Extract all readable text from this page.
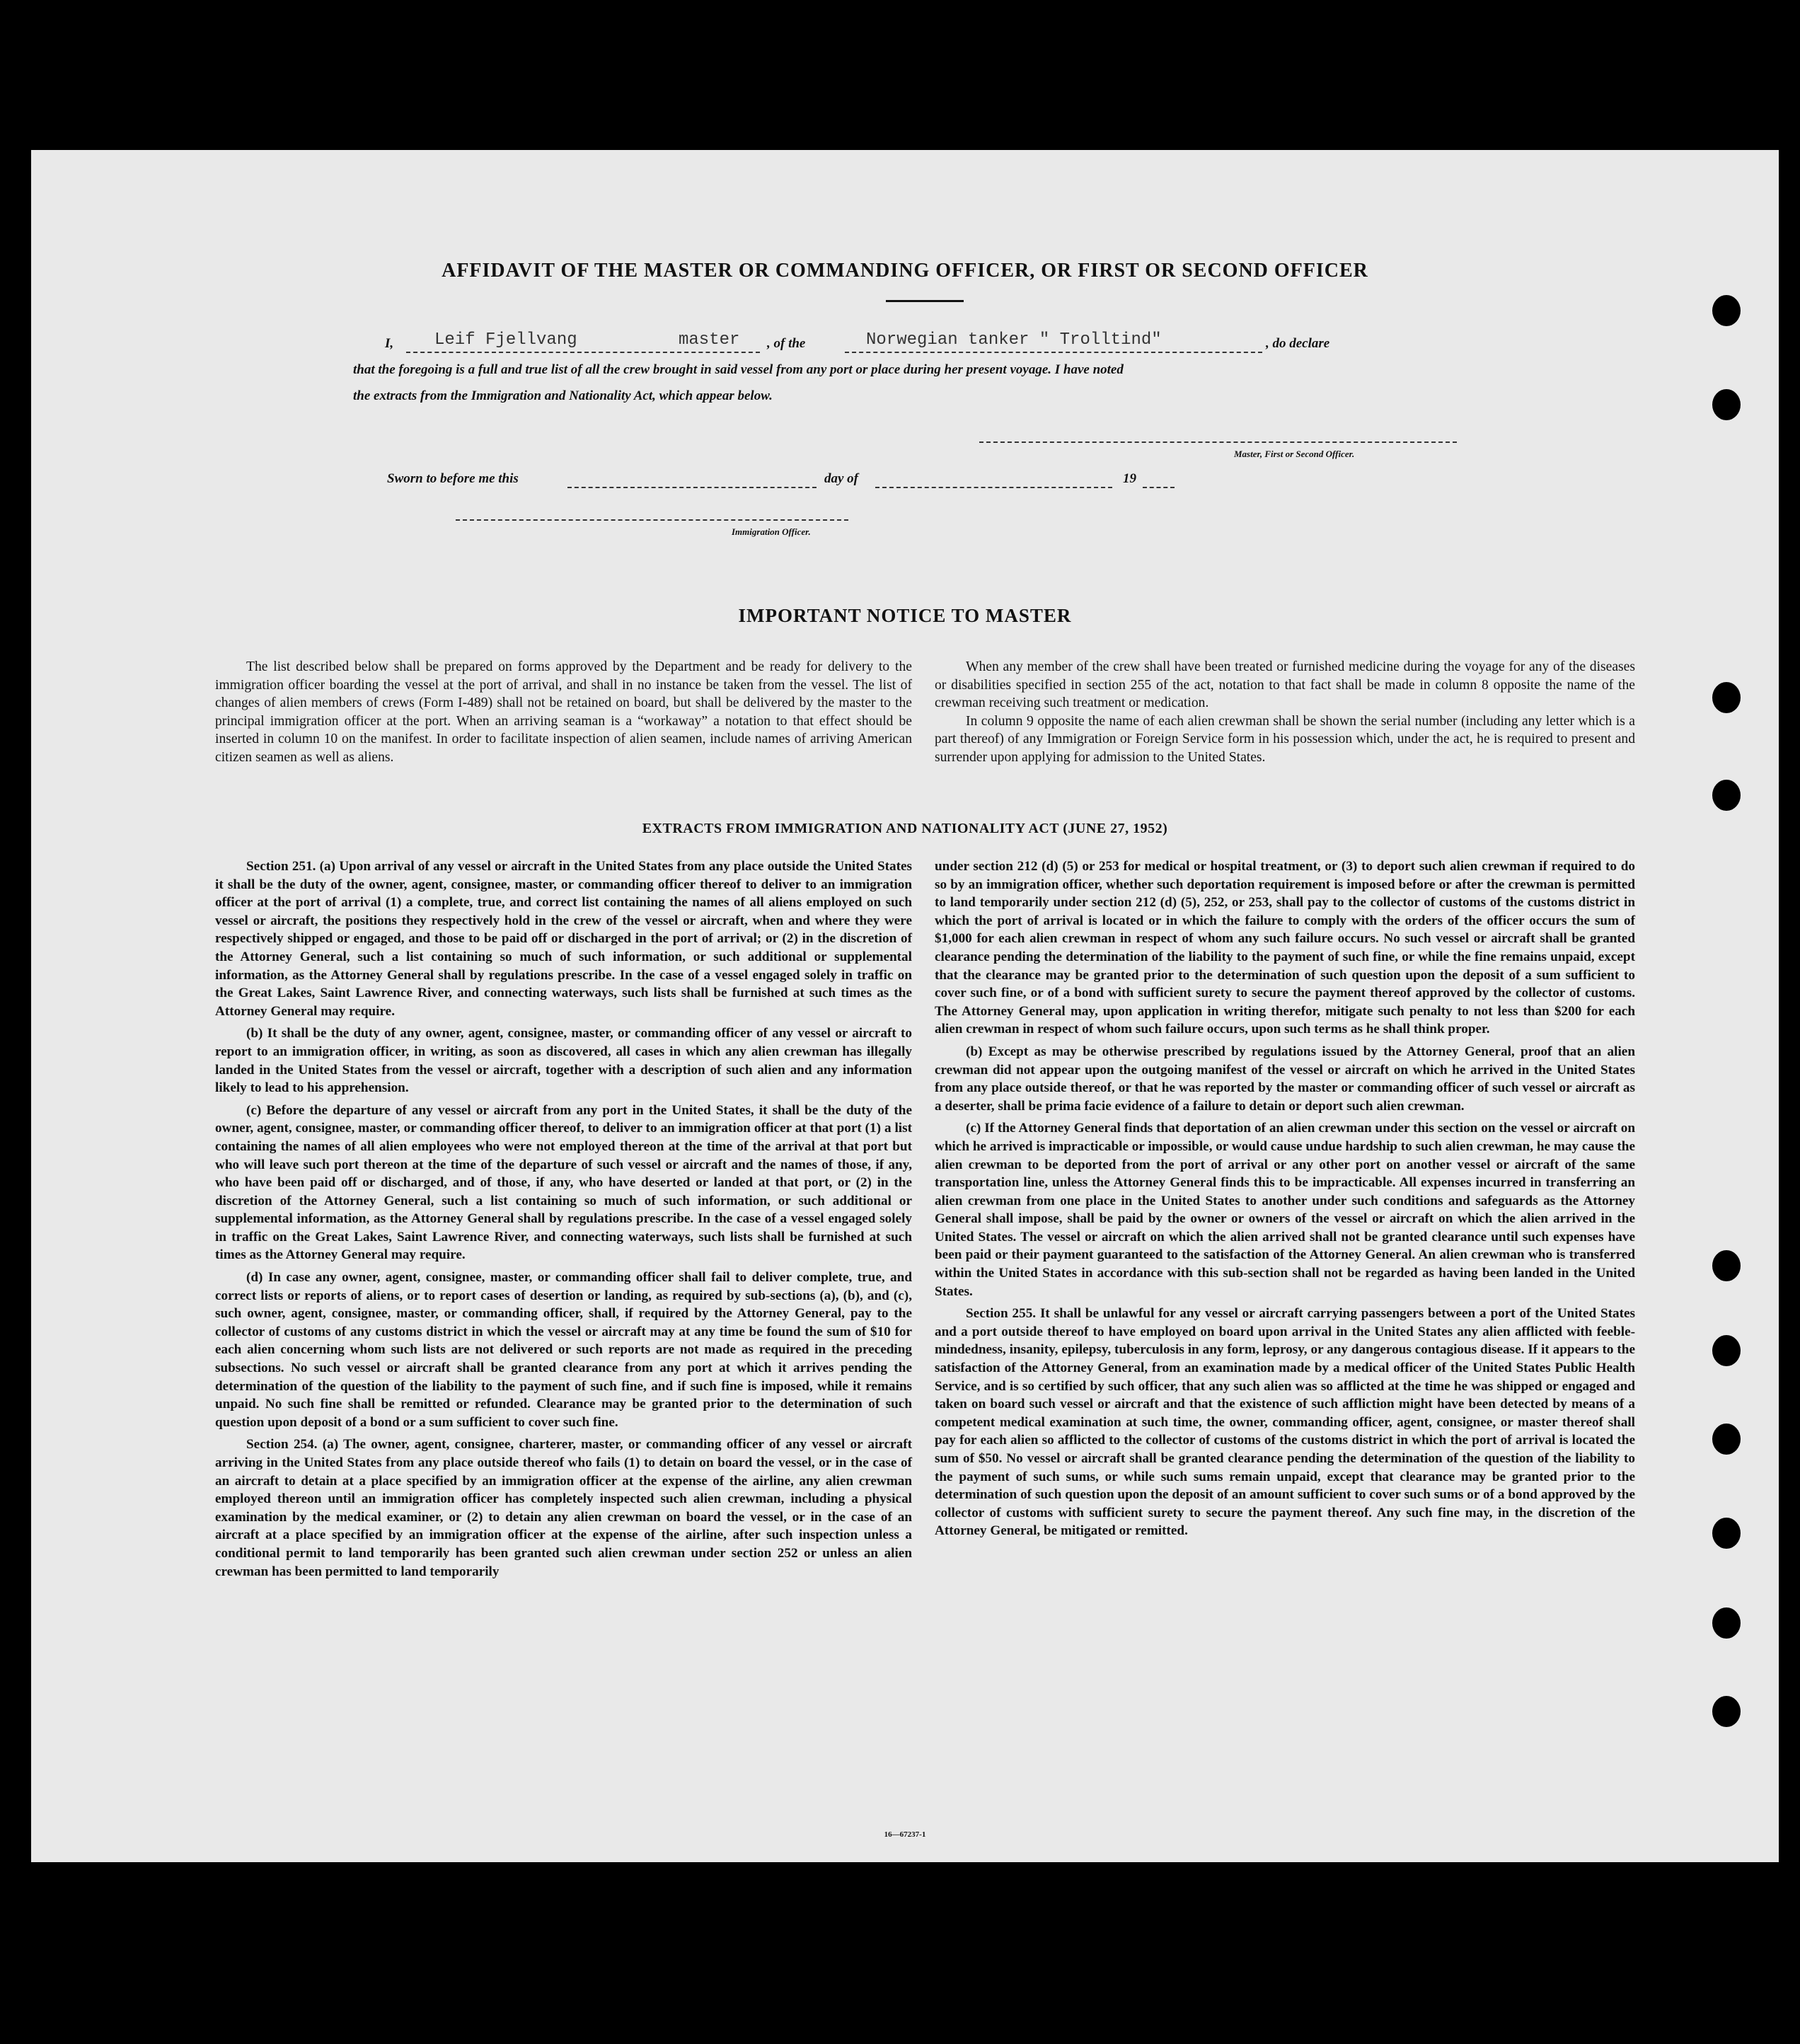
AFFIDAVIT OF THE MASTER OR COMMANDING OFFICER, OR FIRST OR SECOND OFFICER
I,	Leif Fjellvang	master , of the	Norwegian tanker " Trolltind"	, do declare
that the foregoing is a full and true list of all the crew brought in said vessel from any port or place during her present voyage. I have noted
the extracts from the Immigration and Nationality Act, which appear below.
Master, First or Second Officer.
Sworn to before me this	day of	19
Immigration Officer.
IMPORTANT NOTICE TO MASTER

The list described below shall be prepared on forms approved by the Department and be ready for delivery to the immigration officer boarding the vessel at the port of arrival, and shall in no instance be taken from the vessel. The list of changes of alien members of crews (Form I-489) shall not be retained on board, but shall be delivered by the master to the principal immigration officer at the port. When an arriving seaman is a “workaway” a notation to that effect should be inserted in column 10 on the manifest. In order to facilitate inspection of alien seamen, include names of arriving American citizen seamen as well as aliens.

When any member of the crew shall have been treated or furnished medicine during the voyage for any of the diseases or disabilities specified in section 255 of the act, notation to that fact shall be made in column 8 opposite the name of the crewman receiving such treatment or medication.

In column 9 opposite the name of each alien crewman shall be shown the serial number (including any letter which is a part thereof) of any Immigration or Foreign Service form in his possession which, under the act, he is required to present and surrender upon applying for admission to the United States.

EXTRACTS FROM IMMIGRATION AND NATIONALITY ACT (JUNE 27, 1952)

Section 251. (a) Upon arrival of any vessel or aircraft in the United States from any place outside the United States it shall be the duty of the owner, agent, consignee, master, or commanding officer thereof to deliver to an immigration officer at the port of arrival (1) a complete, true, and correct list containing the names of all aliens employed on such vessel or aircraft, the positions they respectively hold in the crew of the vessel or aircraft, when and where they were respectively shipped or engaged, and those to be paid off or discharged in the port of arrival; or (2) in the discretion of the Attorney General, such a list containing so much of such information, or such additional or supplemental information, as the Attorney General shall by regulations prescribe. In the case of a vessel engaged solely in traffic on the Great Lakes, Saint Lawrence River, and connecting waterways, such lists shall be furnished at such times as the Attorney General may require.

(b) It shall be the duty of any owner, agent, consignee, master, or commanding officer of any vessel or aircraft to report to an immigration officer, in writing, as soon as discovered, all cases in which any alien crewman has illegally landed in the United States from the vessel or aircraft, together with a description of such alien and any information likely to lead to his apprehension.

(c) Before the departure of any vessel or aircraft from any port in the United States, it shall be the duty of the owner, agent, consignee, master, or commanding officer thereof, to deliver to an immigration officer at that port (1) a list containing the names of all alien employees who were not employed thereon at the time of the arrival at that port but who will leave such port thereon at the time of the departure of such vessel or aircraft and the names of those, if any, who have been paid off or discharged, and of those, if any, who have deserted or landed at that port, or (2) in the discretion of the Attorney General, such a list containing so much of such information, or such additional or supplemental information, as the Attorney General shall by regulations prescribe. In the case of a vessel engaged solely in traffic on the Great Lakes, Saint Lawrence River, and connecting waterways, such lists shall be furnished at such times as the Attorney General may require.

(d) In case any owner, agent, consignee, master, or commanding officer shall fail to deliver complete, true, and correct lists or reports of aliens, or to report cases of desertion or landing, as required by sub-sections (a), (b), and (c), such owner, agent, consignee, master, or commanding officer, shall, if required by the Attorney General, pay to the collector of customs of any customs district in which the vessel or aircraft may at any time be found the sum of $10 for each alien concerning whom such lists are not delivered or such reports are not made as required in the preceding subsections. No such vessel or aircraft shall be granted clearance from any port at which it arrives pending the determination of the question of the liability to the payment of such fine, and if such fine is imposed, while it remains unpaid. No such fine shall be remitted or refunded. Clearance may be granted prior to the determination of such question upon deposit of a bond or a sum sufficient to cover such fine.

Section 254. (a) The owner, agent, consignee, charterer, master, or commanding officer of any vessel or aircraft arriving in the United States from any place outside thereof who fails (1) to detain on board the vessel, or in the case of an aircraft to detain at a place specified by an immigration officer at the expense of the airline, any alien crewman employed thereon until an immigration officer has completely inspected such alien crewman, including a physical examination by the medical examiner, or (2) to detain any alien crewman on board the vessel, or in the case of an aircraft at a place specified by an immigration officer at the expense of the airline, after such inspection unless a conditional permit to land temporarily has been granted such alien crewman under section 252 or unless an alien crewman has been permitted to land temporarily

under section 212 (d) (5) or 253 for medical or hospital treatment, or (3) to deport such alien crewman if required to do so by an immigration officer, whether such deportation requirement is imposed before or after the crewman is permitted to land temporarily under section 212 (d) (5), 252, or 253, shall pay to the collector of customs of the customs district in which the port of arrival is located or in which the failure to comply with the orders of the officer occurs the sum of $1,000 for each alien crewman in respect of whom any such failure occurs. No such vessel or aircraft shall be granted clearance pending the determination of the liability to the payment of such fine, or while the fine remains unpaid, except that the clearance may be granted prior to the determination of such question upon the deposit of a sum sufficient to cover such fine, or of a bond with sufficient surety to secure the payment thereof approved by the collector of customs. The Attorney General may, upon application in writing therefor, mitigate such penalty to not less than $200 for each alien crewman in respect of whom such failure occurs, upon such terms as he shall think proper.

(b) Except as may be otherwise prescribed by regulations issued by the Attorney General, proof that an alien crewman did not appear upon the outgoing manifest of the vessel or aircraft on which he arrived in the United States from any place outside thereof, or that he was reported by the master or commanding officer of such vessel or aircraft as a deserter, shall be prima facie evidence of a failure to detain or deport such alien crewman.

(c) If the Attorney General finds that deportation of an alien crewman under this section on the vessel or aircraft on which he arrived is impracticable or impossible, or would cause undue hardship to such alien crewman, he may cause the alien crewman to be deported from the port of arrival or any other port on another vessel or aircraft of the same transportation line, unless the Attorney General finds this to be impracticable. All expenses incurred in transferring an alien crewman from one place in the United States to another under such conditions and safeguards as the Attorney General shall impose, shall be paid by the owner or owners of the vessel or aircraft on which the alien arrived in the United States. The vessel or aircraft on which the alien arrived shall not be granted clearance until such expenses have been paid or their payment guaranteed to the satisfaction of the Attorney General. An alien crewman who is transferred within the United States in accordance with this sub-section shall not be regarded as having been landed in the United States.

Section 255. It shall be unlawful for any vessel or aircraft carrying passengers between a port of the United States and a port outside thereof to have employed on board upon arrival in the United States any alien afflicted with feeble-mindedness, insanity, epilepsy, tuberculosis in any form, leprosy, or any dangerous contagious disease. If it appears to the satisfaction of the Attorney General, from an examination made by a medical officer of the United States Public Health Service, and is so certified by such officer, that any such alien was so afflicted at the time he was shipped or engaged and taken on board such vessel or aircraft and that the existence of such affliction might have been detected by means of a competent medical examination at such time, the owner, commanding officer, agent, consignee, or master thereof shall pay for each alien so afflicted to the collector of customs of the customs district in which the port of arrival is located the sum of $50. No vessel or aircraft shall be granted clearance pending the determination of the question of the liability to the payment of such sums, or while such sums remain unpaid, except that clearance may be granted prior to the determination of such question upon the deposit of an amount sufficient to cover such sums or of a bond approved by the collector of customs with sufficient surety to secure the payment thereof. Any such fine may, in the discretion of the Attorney General, be mitigated or remitted.

16—67237-1
